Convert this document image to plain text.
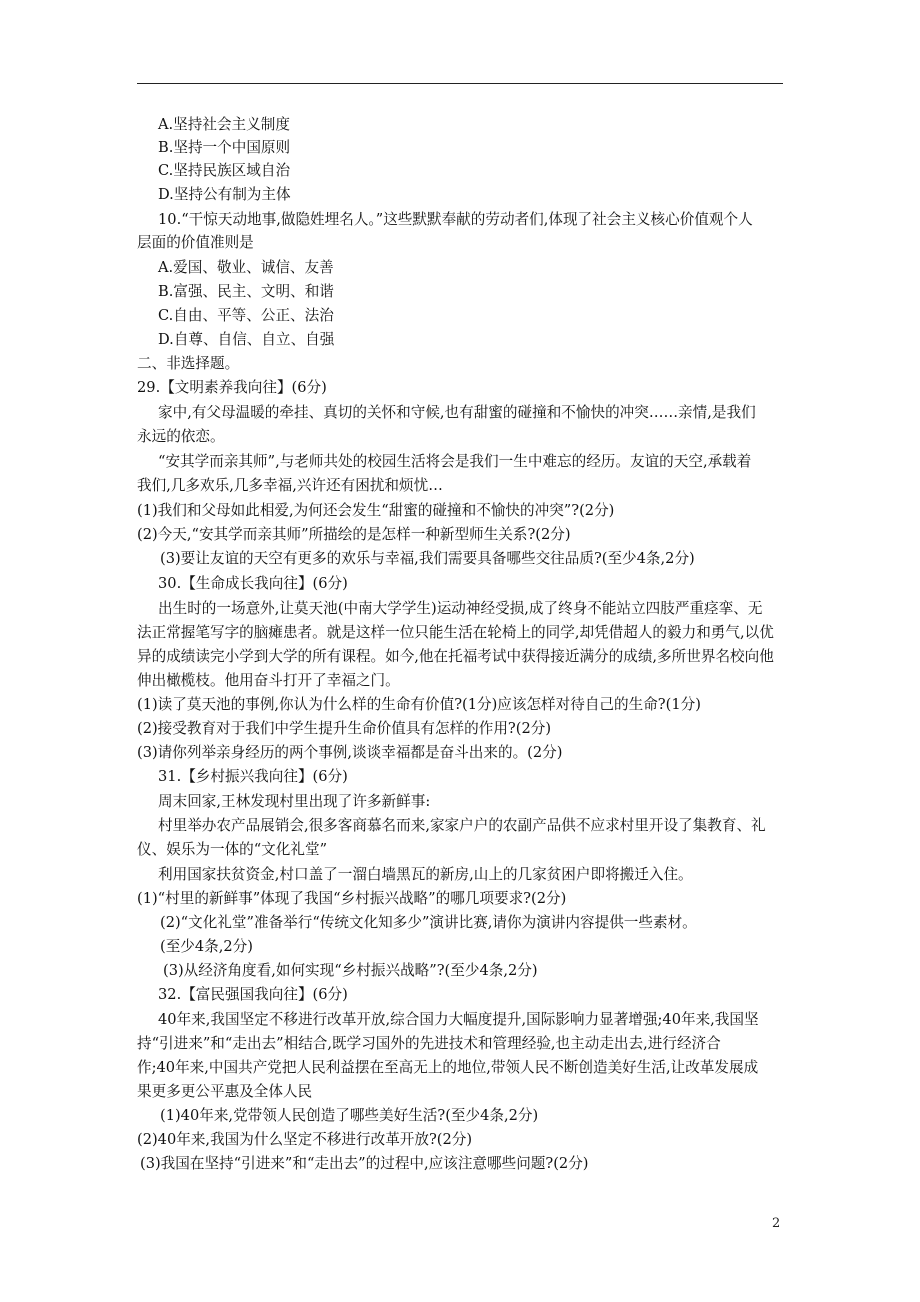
A.坚持社会主义制度
B.坚持一个中国原则
C.坚持民族区域自治
D.坚持公有制为主体
10.“干惊天动地事,做隐姓埋名人。”这些默默奉献的劳动者们,体现了社会主义核心价值观个人
层面的价值准则是
A.爱国、敬业、诚信、友善
B.富强、民主、文明、和谐
C.自由、平等、公正、法治
D.自尊、自信、自立、自强
二、非选择题。
29.【文明素养我向往】(6分)
家中,有父母温暖的牵挂、真切的关怀和守候,也有甜蜜的碰撞和不愉快的冲突……亲情,是我们
永远的依恋。
“安其学而亲其师”,与老师共处的校园生活将会是我们一生中难忘的经历。友谊的天空,承载着
我们,几多欢乐,几多幸福,兴许还有困扰和烦忧…
(1)我们和父母如此相爱,为何还会发生“甜蜜的碰撞和不愉快的冲突”?(2分)
(2)今天,“安其学而亲其师”所描绘的是怎样一种新型师生关系?(2分)
(3)要让友谊的天空有更多的欢乐与幸福,我们需要具备哪些交往品质?(至少4条,2分)
30.【生命成长我向往】(6分)
出生时的一场意外,让莫天池(中南大学学生)运动神经受损,成了终身不能站立四肢严重痉挛、无
法正常握笔写字的脑瘫患者。就是这样一位只能生活在轮椅上的同学,却凭借超人的毅力和勇气,以优
异的成绩读完小学到大学的所有课程。如今,他在托福考试中获得接近满分的成绩,多所世界名校向他
伸出橄榄枝。他用奋斗打开了幸福之门。
(1)读了莫天池的事例,你认为什么样的生命有价值?(1分)应该怎样对待自己的生命?(1分)
(2)接受教育对于我们中学生提升生命价值具有怎样的作用?(2分)
(3)请你列举亲身经历的两个事例,谈谈幸福都是奋斗出来的。(2分)
31.【乡村振兴我向往】(6分)
周末回家,王林发现村里出现了许多新鲜事:
村里举办农产品展销会,很多客商慕名而来,家家户户的农副产品供不应求村里开设了集教育、礼
仪、娱乐为一体的“文化礼堂”
利用国家扶贫资金,村口盖了一溜白墙黑瓦的新房,山上的几家贫困户即将搬迁入住。
(1)“村里的新鲜事”体现了我国“乡村振兴战略”的哪几项要求?(2分)
(2)“文化礼堂”准备举行“传统文化知多少”演讲比赛,请你为演讲内容提供一些素材。
(至少4条,2分)
(3)从经济角度看,如何实现“乡村振兴战略”?(至少4条,2分)
32.【富民强国我向往】(6分)
40年来,我国坚定不移进行改革开放,综合国力大幅度提升,国际影响力显著增强;40年来,我国坚
持“引进来”和“走出去”相结合,既学习国外的先进技术和管理经验,也主动走出去,进行经济合
作;40年来,中国共产党把人民利益摆在至高无上的地位,带领人民不断创造美好生活,让改革发展成
果更多更公平惠及全体人民
(1)40年来,党带领人民创造了哪些美好生活?(至少4条,2分)
(2)40年来,我国为什么坚定不移进行改革开放?(2分)
(3)我国在坚持“引进来”和“走出去”的过程中,应该注意哪些问题?(2分)
2
